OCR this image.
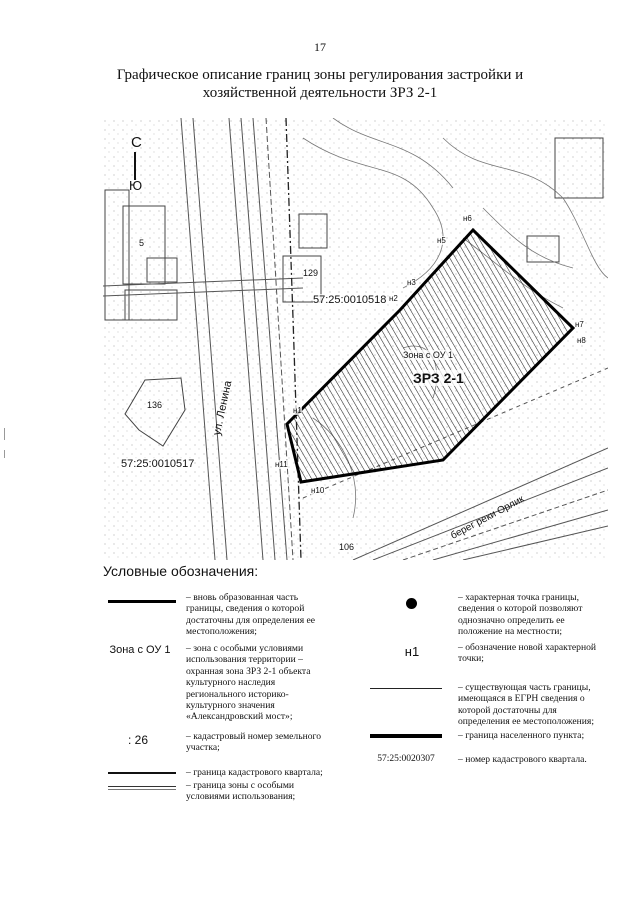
17
Графическое описание границ зоны регулирования застройки и
хозяйственной деятельности ЗРЗ 2-1
С
Ю
ЗРЗ 2-1
Зона с ОУ 1
57:25:0010518
57:25:0010517
136
129
5
106
ул. Ленина
берег реки Орлик
н1
н2
н3
н5
н6
н7
н8
н10
н11
Условные обозначения:
Зона с ОУ 1
: 26
– вновь образованная часть
границы, сведения о которой
достаточны для определения ее
местоположения;
– зона с особыми условиями
использования территории –
охранная зона ЗРЗ 2-1 объекта
культурного наследия
регионального историко-
культурного значения
«Александровский мост»;
– кадастровый номер земельного
участка;
– граница кадастрового квартала;
– граница зоны с особыми
условиями использования;
н1
57:25:0020307
– характерная точка границы,
сведения о которой позволяют
однозначно определить ее
положение на местности;
– обозначение новой характерной
точки;
– существующая часть границы,
имеющаяся в ЕГРН сведения о
которой достаточны для
определения ее местоположения;
– граница населенного пункта;
– номер кадастрового квартала.
